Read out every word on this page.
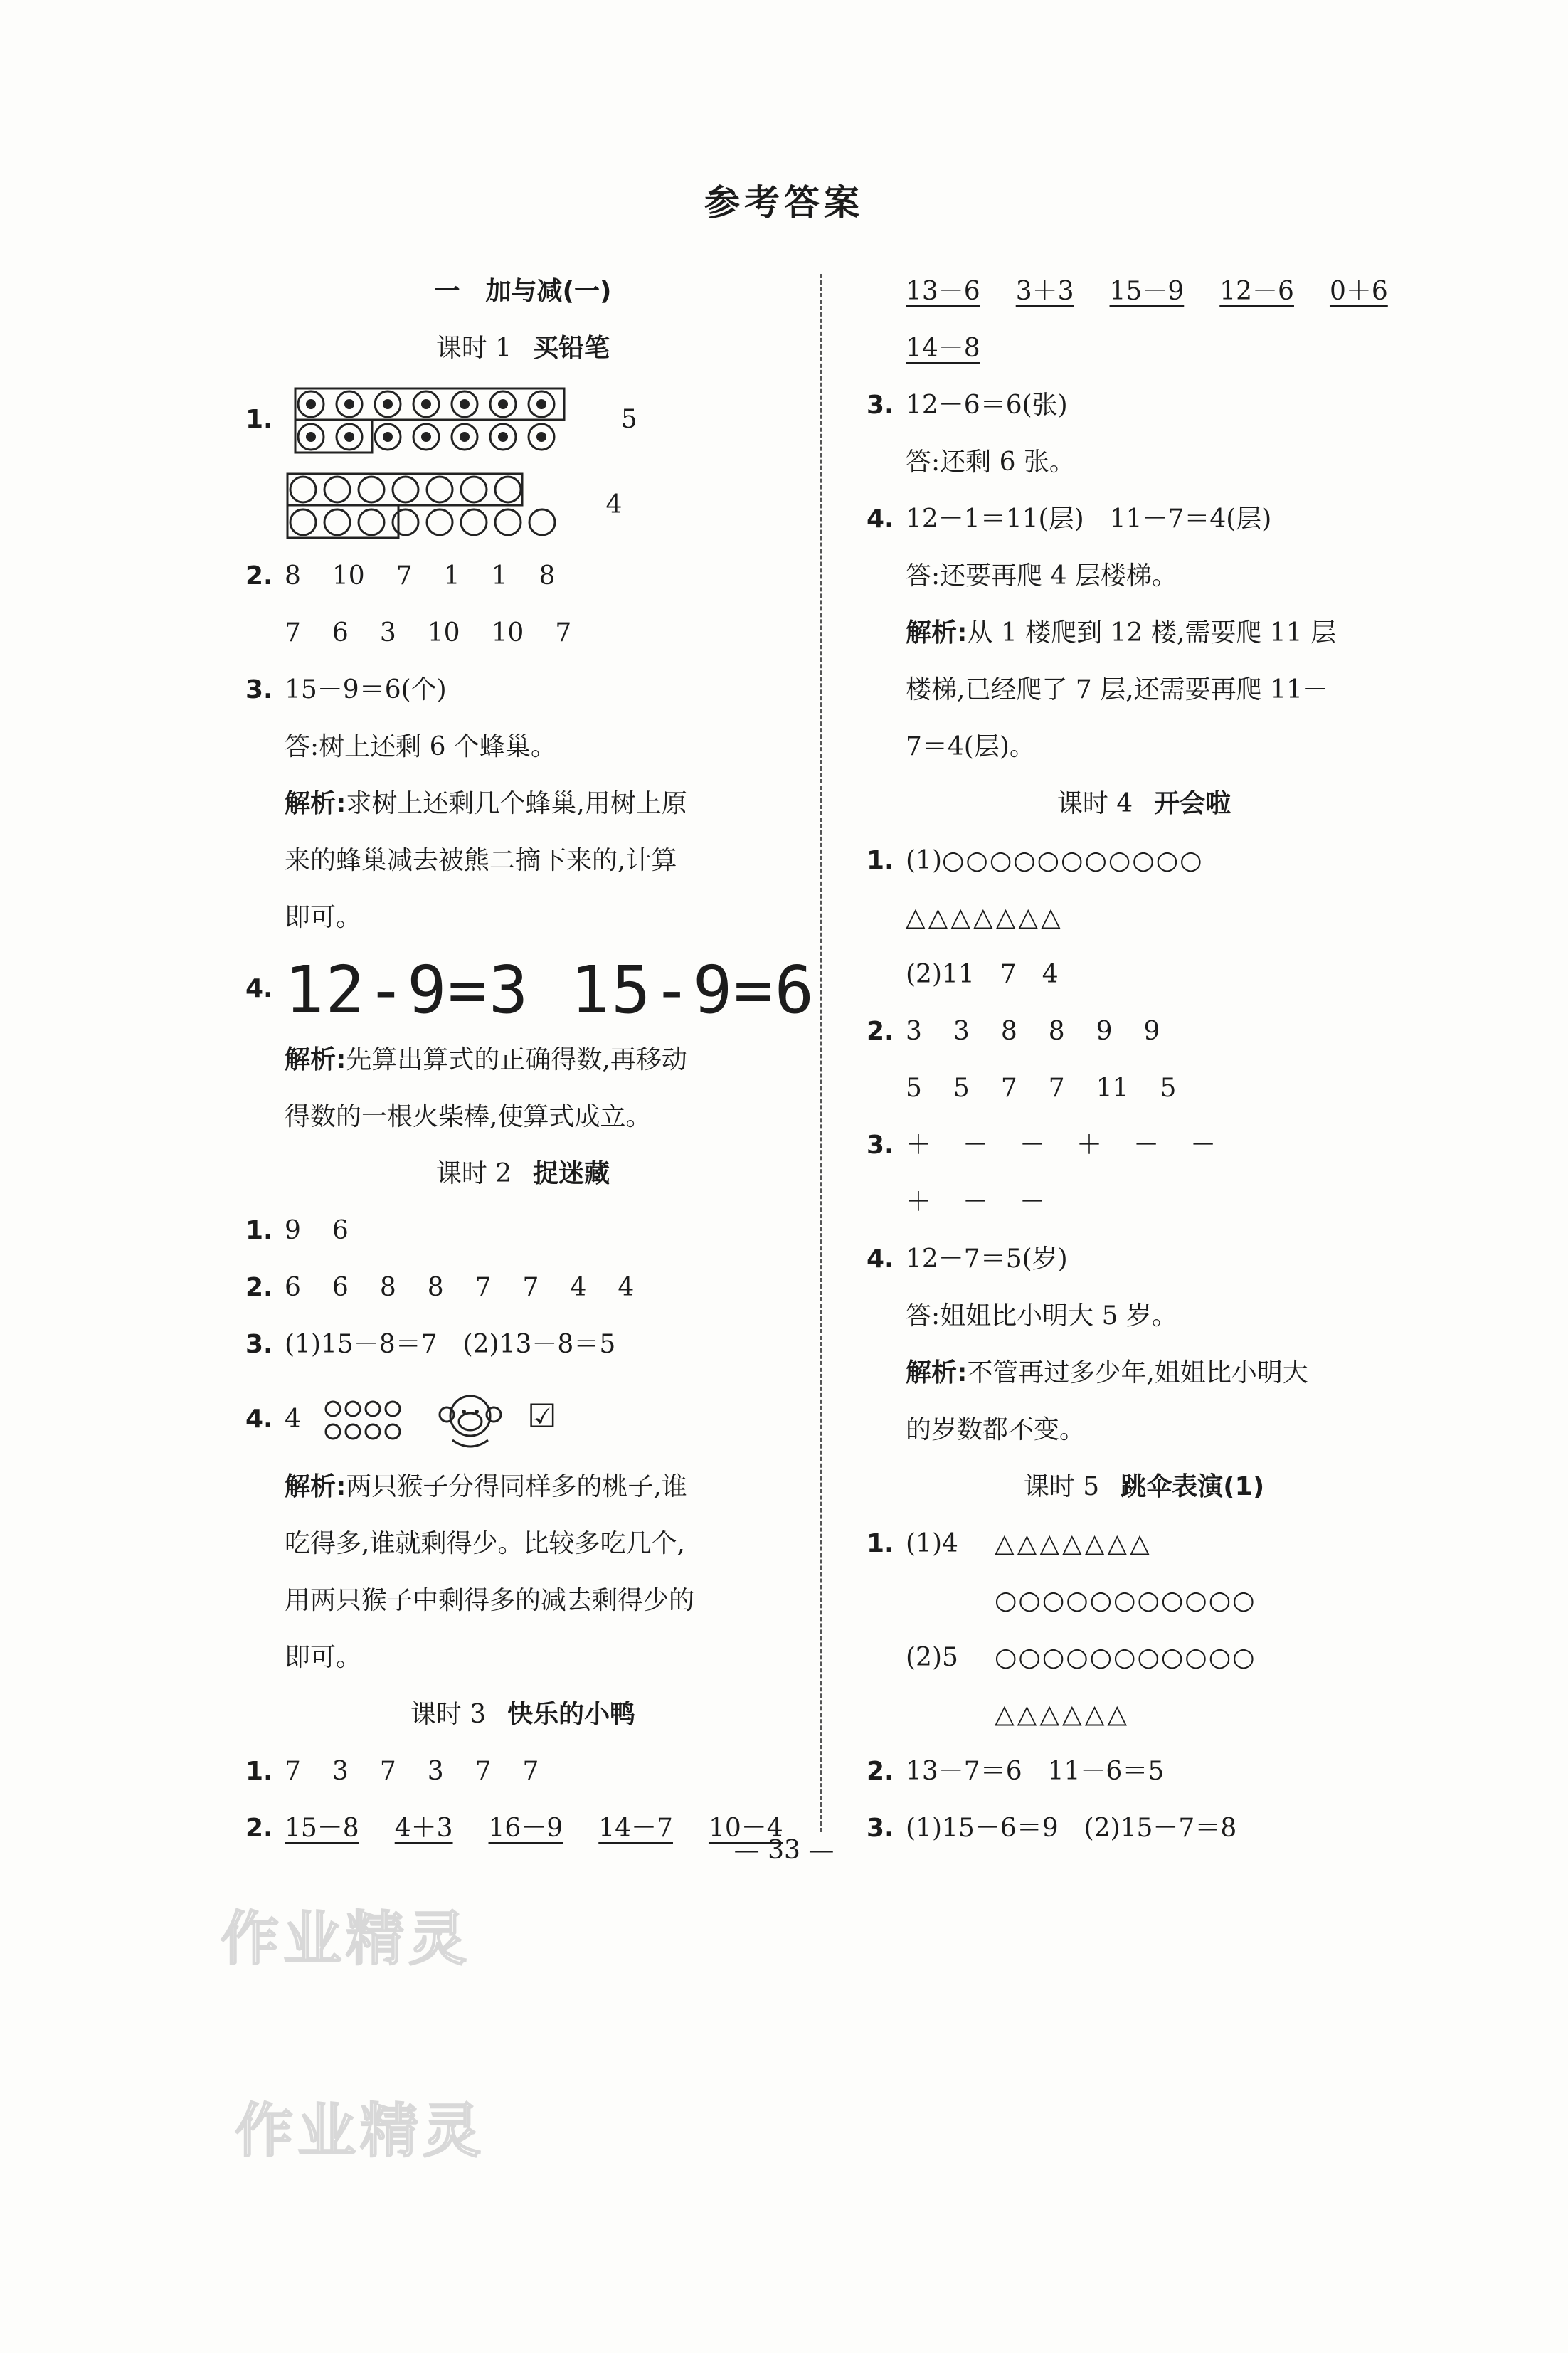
参考答案
一　加与减(一)
课时 1 买铅笔
1.	5
4
2. 8 10 7 1 1 8
7 6 3 10 10 7
3. 15－9＝6(个)
答:树上还剩 6 个蜂巢。
解析:求树上还剩几个蜂巢,用树上原
来的蜂巢减去被熊二摘下来的,计算
即可。
4. 12-9=3 15-9=6
解析:先算出算式的正确得数,再移动
得数的一根火柴棒,使算式成立。
课时 2 捉迷藏
1. 9 6
2. 6 6 8 8 7 7 4 4
3. (1)15－8＝7　(2)13－8＝5
4. 4	☑
解析:两只猴子分得同样多的桃子,谁
吃得多,谁就剩得少。比较多吃几个,
用两只猴子中剩得多的减去剩得少的
即可。
课时 3 快乐的小鸭
1. 7 3 7 3 7 7
2. 15－8 4＋3 16－9 14－7 10－4
13－6 3＋3 15－9 12－6 0＋6
14－8
3. 12－6＝6(张)
答:还剩 6 张。
4. 12－1＝11(层)　11－7＝4(层)
答:还要再爬 4 层楼梯。
解析:从 1 楼爬到 12 楼,需要爬 11 层
楼梯,已经爬了 7 层,还需要再爬 11－
7＝4(层)。
课时 4 开会啦
1. (1)○○○○○○○○○○○
△△△△△△△
(2)11　7　4
2. 3 3 8 8 9 9
5 5 7 7 11 5
3. ＋ － － ＋ － －
＋ － －
4. 12－7＝5(岁)
答:姐姐比小明大 5 岁。
解析:不管再过多少年,姐姐比小明大
的岁数都不变。
课时 5 跳伞表演(1)
1. (1)4 △△△△△△△
○○○○○○○○○○○
(2)5 ○○○○○○○○○○○
△△△△△△
2. 13－7＝6　11－6＝5
3. (1)15－6＝9　(2)15－7＝8
— 33 —
作业精灵
作业精灵
